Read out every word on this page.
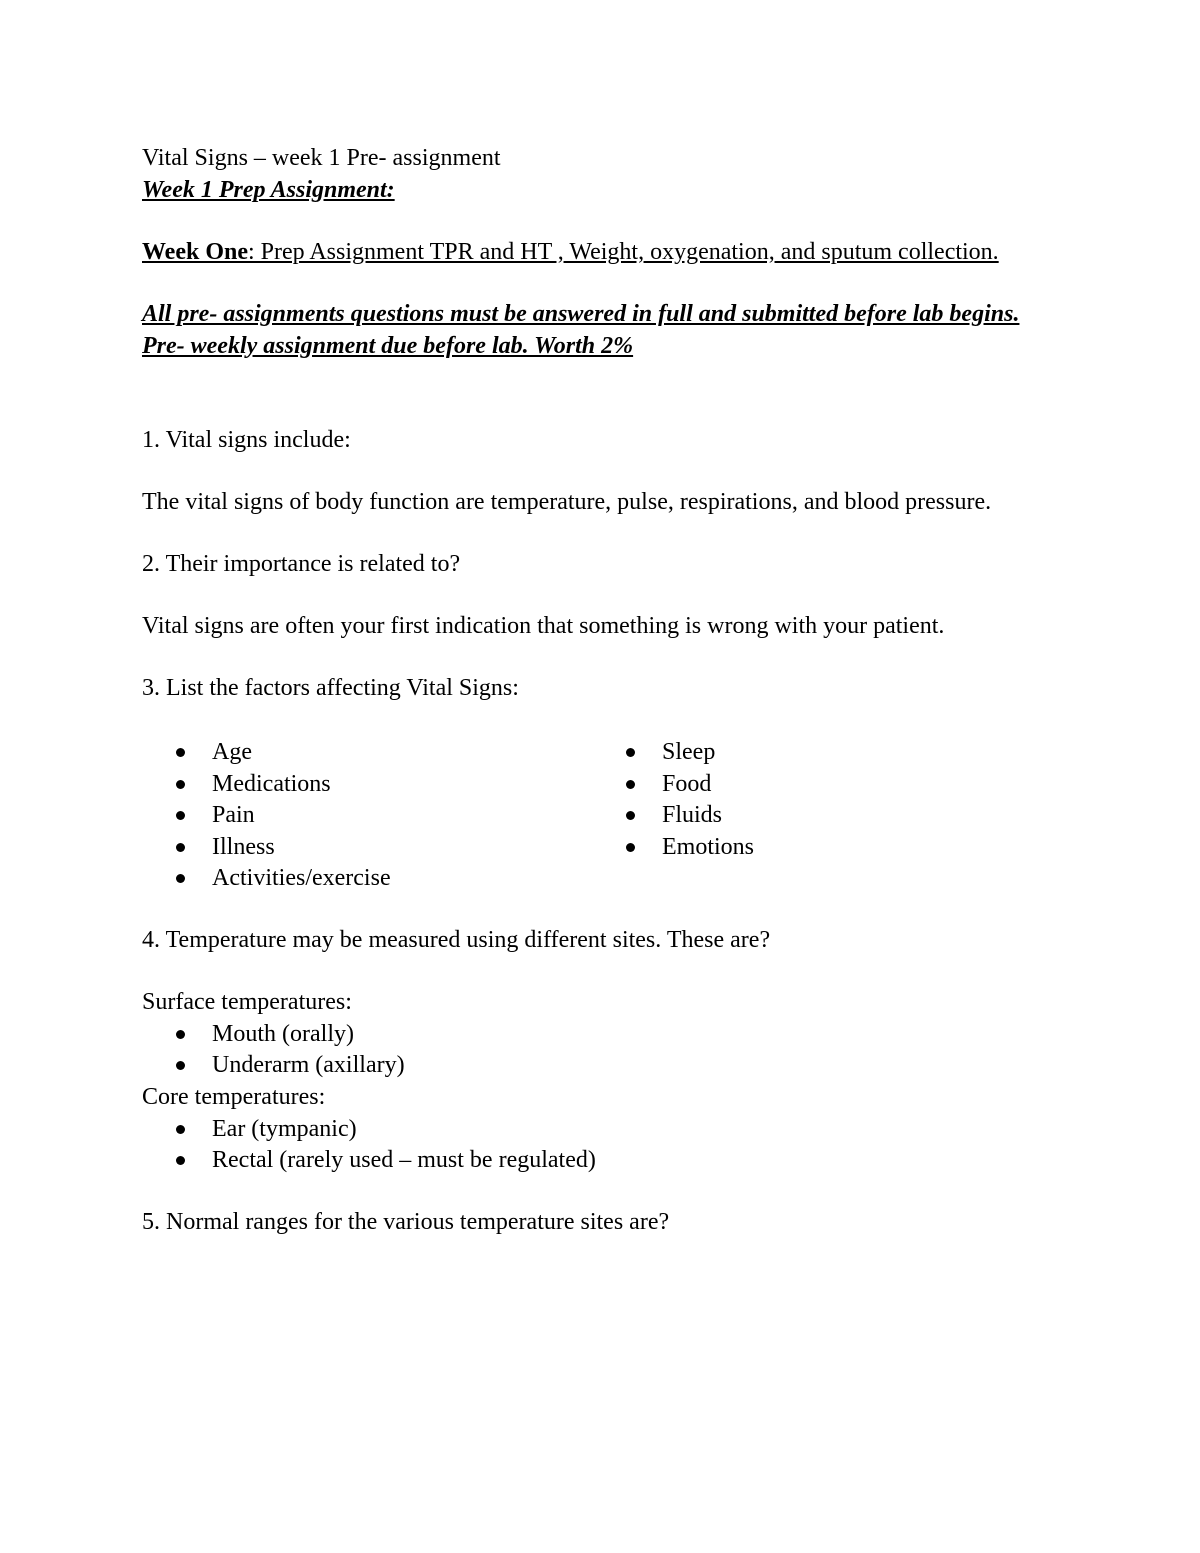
Vital Signs – week 1 Pre- assignment

Week 1 Prep Assignment:

Week One: Prep Assignment TPR and HT , Weight, oxygenation, and sputum collection.

All pre- assignments questions must be answered in full and submitted before lab begins.

Pre- weekly assignment due before lab. Worth 2%

1. Vital signs include:

The vital signs of body function are temperature, pulse, respirations, and blood pressure.

2. Their importance is related to?

Vital signs are often your first indication that something is wrong with your patient.

3. List the factors affecting Vital Signs:

Age
Medications
Pain
Illness
Activities/exercise
Sleep
Food
Fluids
Emotions

4. Temperature may be measured using different sites. These are?

Surface temperatures:

Mouth (orally)
Underarm (axillary)

Core temperatures:

Ear (tympanic)
Rectal (rarely used – must be regulated)

5. Normal ranges for the various temperature sites are?
